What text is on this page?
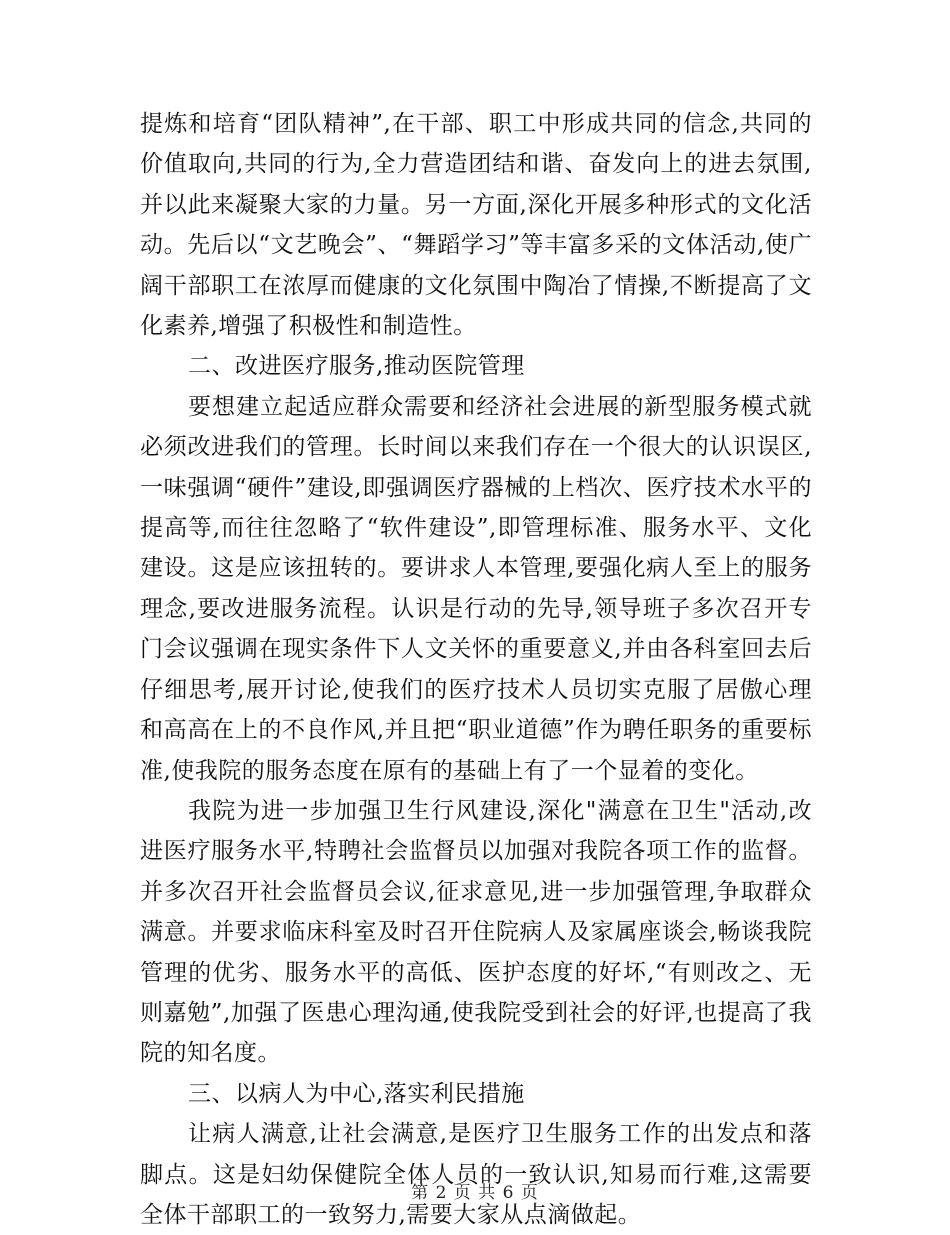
提炼和培育“团队精神”,在干部、职工中形成共同的信念,共同的价值取向,共同的行为,全力营造团结和谐、奋发向上的进去氛围,并以此来凝聚大家的力量。另一方面,深化开展多种形式的文化活动。先后以“文艺晚会”、“舞蹈学习”等丰富多采的文体活动,使广阔干部职工在浓厚而健康的文化氛围中陶冶了情操,不断提高了文化素养,增强了积极性和制造性。

二、改进医疗服务,推动医院管理

要想建立起适应群众需要和经济社会进展的新型服务模式就必须改进我们的管理。长时间以来我们存在一个很大的认识误区,一味强调“硬件”建设,即强调医疗器械的上档次、医疗技术水平的提高等,而往往忽略了“软件建设”,即管理标准、服务水平、文化建设。这是应该扭转的。要讲求人本管理,要强化病人至上的服务理念,要改进服务流程。认识是行动的先导,领导班子多次召开专门会议强调在现实条件下人文关怀的重要意义,并由各科室回去后仔细思考,展开讨论,使我们的医疗技术人员切实克服了居傲心理和高高在上的不良作风,并且把“职业道德”作为聘任职务的重要标准,使我院的服务态度在原有的基础上有了一个显着的变化。

我院为进一步加强卫生行风建设,深化"满意在卫生"活动,改进医疗服务水平,特聘社会监督员以加强对我院各项工作的监督。并多次召开社会监督员会议,征求意见,进一步加强管理,争取群众满意。并要求临床科室及时召开住院病人及家属座谈会,畅谈我院管理的优劣、服务水平的高低、医护态度的好坏,“有则改之、无则嘉勉”,加强了医患心理沟通,使我院受到社会的好评,也提高了我院的知名度。

三、以病人为中心,落实利民措施

让病人满意,让社会满意,是医疗卫生服务工作的出发点和落脚点。这是妇幼保健院全体人员的一致认识,知易而行难,这需要全体干部职工的一致努力,需要大家从点滴做起。

第 2 页 共 6 页
